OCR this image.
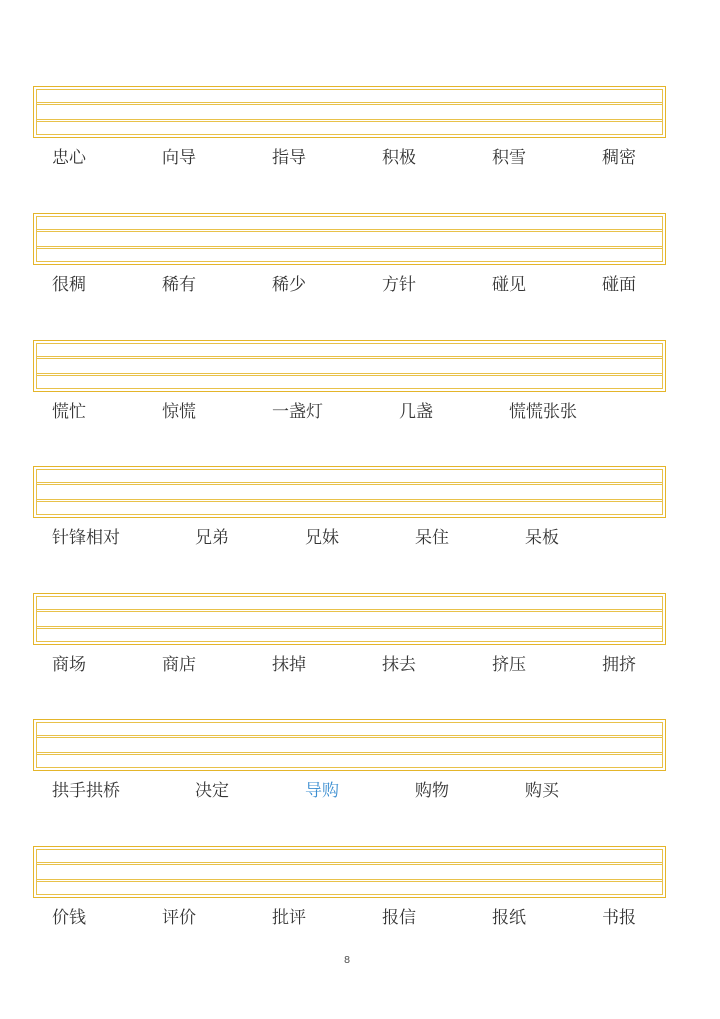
忠心	向导	指导	积极	积雪	稠密
很稠	稀有	稀少	方针	碰见	碰面
慌忙	惊慌	一盏灯	几盏	慌慌张张
针锋相对	兄弟	兄妹	呆住	呆板
商场	商店	抹掉	抹去	挤压	拥挤
拱手拱桥	决定	导购	购物	购买
价钱	评价	批评	报信	报纸	书报
8
